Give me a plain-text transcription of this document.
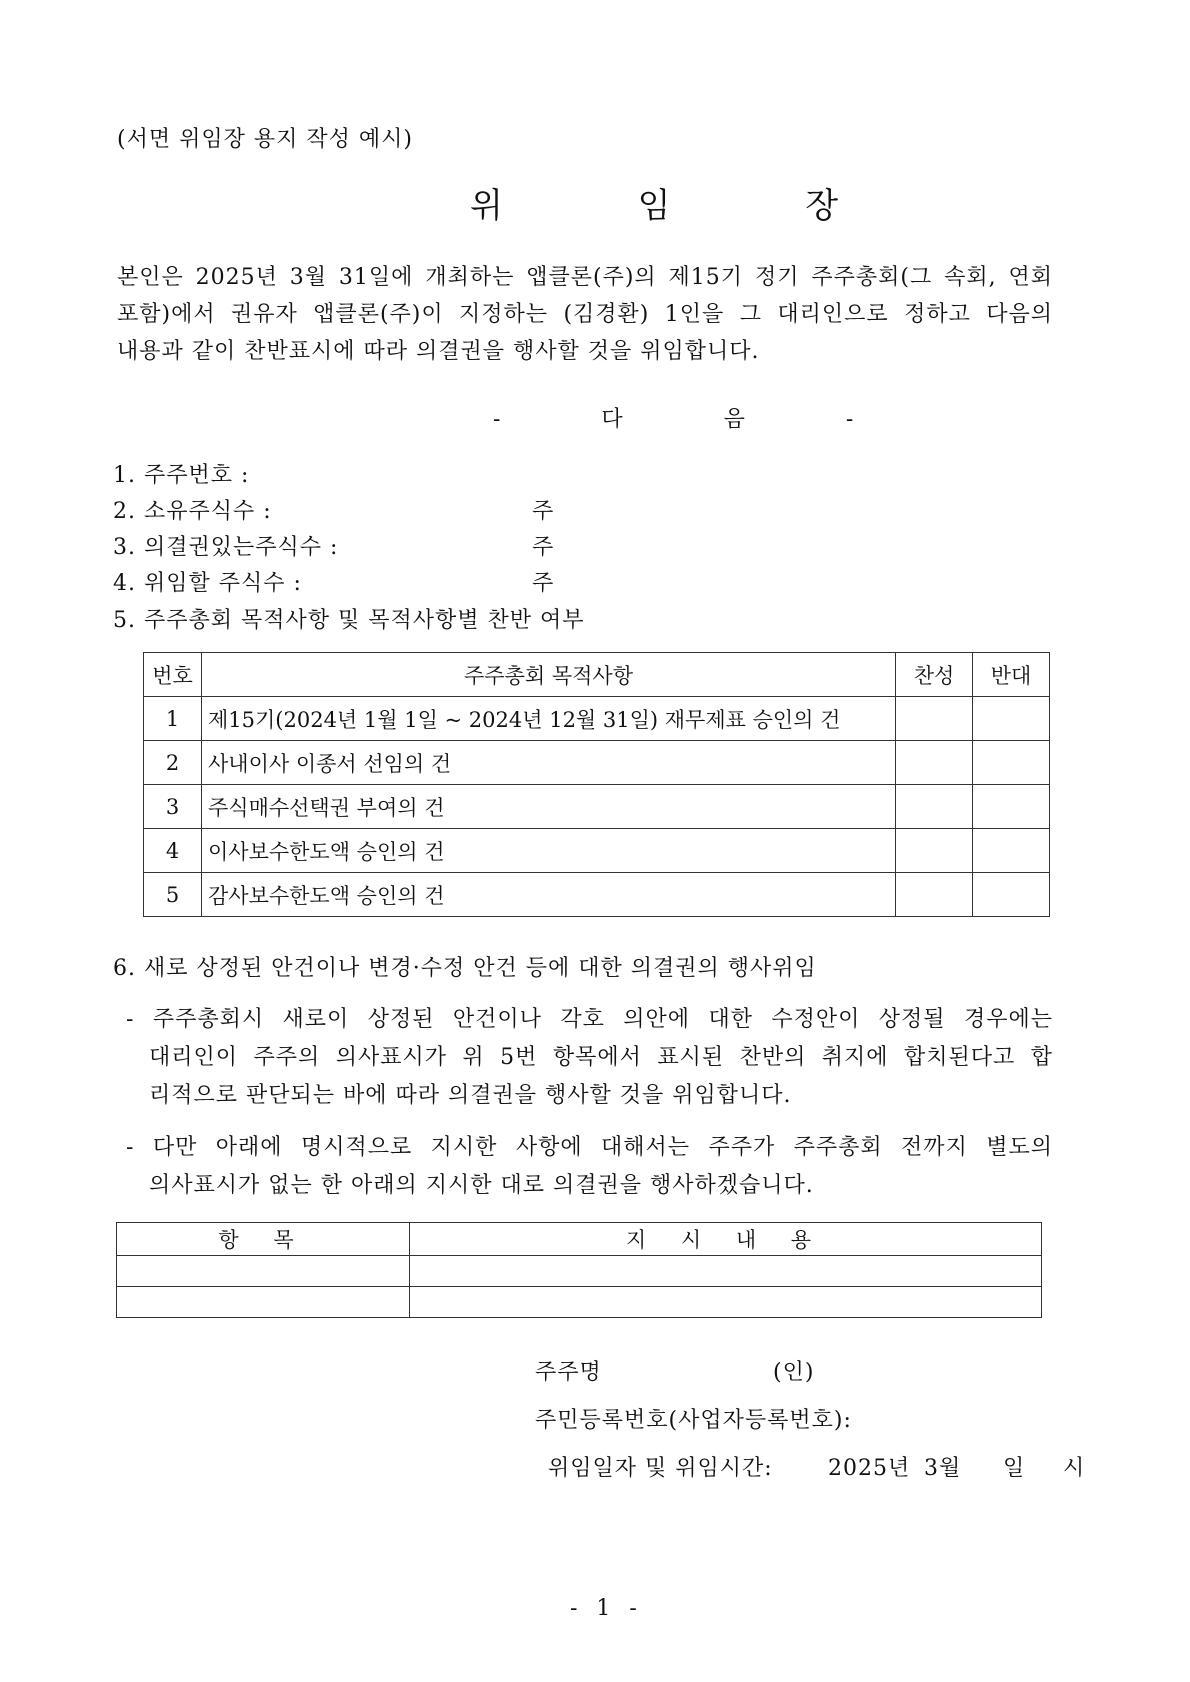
(서면 위임장 용지 작성 예시)
위 임 장
본인은 2025년 3월 31일에 개최하는 앱클론(주)의 제15기 정기 주주총회(그 속회, 연회
포함)에서 권유자 앱클론(주)이 지정하는 (김경환) 1인을 그 대리인으로 정하고 다음의
내용과 같이 찬반표시에 따라 의결권을 행사할 것을 위임합니다.
- 다 음 -
1. 주주번호 :
2. 소유주식수 :	주
3. 의결권있는주식수 :	주
4. 위임할 주식수 :	주
5. 주주총회 목적사항 및 목적사항별 찬반 여부
번호	주주총회 목적사항	찬성	반대
1	제15기(2024년 1월 1일 ~ 2024년 12월 31일) 재무제표 승인의 건		
2	사내이사 이종서 선임의 건		
3	주식매수선택권 부여의 건		
4	이사보수한도액 승인의 건		
5	감사보수한도액 승인의 건		
6. 새로 상정된 안건이나 변경·수정 안건 등에 대한 의결권의 행사위임
- 주주총회시 새로이 상정된 안건이나 각호 의안에 대한 수정안이 상정될 경우에는
대리인이 주주의 의사표시가 위 5번 항목에서 표시된 찬반의 취지에 합치된다고 합
리적으로 판단되는 바에 따라 의결권을 행사할 것을 위임합니다.
- 다만 아래에 명시적으로 지시한 사항에 대해서는 주주가 주주총회 전까지 별도의
의사표시가 없는 한 아래의 지시한 대로 의결권을 행사하겠습니다.
항 목	지 시 내 용

주주명	(인)
주민등록번호(사업자등록번호):
위임일자 및 위임시간:	2025년 3월 일 시
- 1 -
